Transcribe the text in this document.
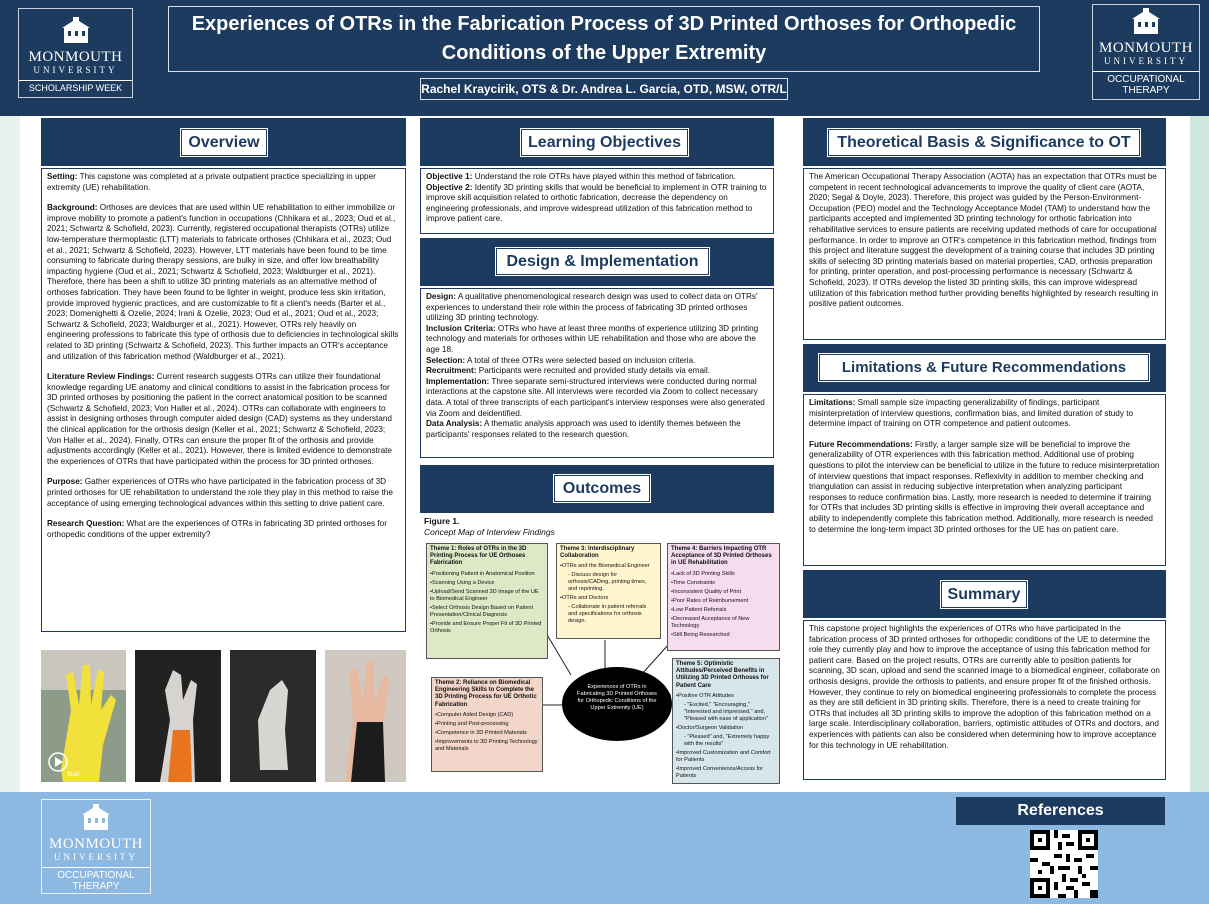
MONMOUTH
UNIVERSITY
SCHOLARSHIP WEEK
Experiences of OTRs in the Fabrication Process of 3D Printed Orthoses for Orthopedic
Conditions of the Upper Extremity
Rachel Kraycirik, OTS & Dr. Andrea L. Garcia, OTD, MSW, OTR/L
MONMOUTH
UNIVERSITY
OCCUPATIONAL
THERAPY
Overview

Setting: This capstone was completed at a private outpatient practice specializing in upper extremity (UE) rehabilitation.

Background: Orthoses are devices that are used within UE rehabilitation to either immobilize or improve mobility to promote a patient's function in occupations (Chhikara et al., 2023; Oud et al., 2021; Schwartz & Schofield, 2023). Currently, registered occupational therapists (OTRs) utilize low-temperature thermoplastic (LTT) materials to fabricate orthoses (Chhikara et al., 2023; Oud et al., 2021; Schwartz & Schofield, 2023). However, LTT materials have been found to be time consuming to fabricate during therapy sessions, are bulky in size, and offer low breathability impacting hygiene (Oud et al., 2021; Schwartz & Schofield, 2023; Waldburger et al., 2021). Therefore, there has been a shift to utilize 3D printing materials as an alternative method of orthoses fabrication. They have been found to be lighter in weight, produce less skin irritation, provide improved hygienic practices, and are customizable to fit a client's needs (Barter et al., 2023; Domenighetti & Ozelie, 2024; Irani & Ozelie, 2023; Oud et al., 2021; Oud et al., 2023; Schwartz & Schofield, 2023; Waldburger et al., 2021). However, OTRs rely heavily on engineering professions to fabricate this type of orthosis due to deficiencies in technological skills related to 3D printing (Schwartz & Schofield, 2023). This further impacts an OTR's acceptance and utilization of this fabrication method (Waldburger et al., 2021).

Literature Review Findings: Current research suggests OTRs can utilize their foundational knowledge regarding UE anatomy and clinical conditions to assist in the fabrication process for 3D printed orthoses by positioning the patient in the correct anatomical position to be scanned (Schwartz & Schofield, 2023; Von Haller et al., 2024). OTRs can collaborate with engineers to assist in designing orthoses through computer aided design (CAD) systems as they understand the clinical application for the orthosis design (Keller et al., 2021; Schwartz & Schofield, 2023; Von Haller et al., 2024). Finally, OTRs can ensure the proper fit of the orthosis and provide adjustments accordingly (Keller et al., 2021). However, there is limited evidence to demonstrate the experiences of OTRs that have participated within the process for 3D printed orthoses.

Purpose: Gather experiences of OTRs who have participated in the fabrication process of 3D printed orthoses for UE rehabilitation to understand the role they play in this method to raise the acceptance of using emerging technological advances within this setting to drive patient care.

Research Question: What are the experiences of OTRs in fabricating 3D printed orthoses for orthopedic conditions of the upper extremity?

Start
Learning Objectives

Objective 1: Understand the role OTRs have played within this method of fabrication.

Objective 2: Identify 3D printing skills that would be beneficial to implement in OTR training to improve skill acquisition related to orthotic fabrication, decrease the dependency on engineering professionals, and improve widespread utilization of this fabrication method to improve patient care.

Design & Implementation

Design: A qualitative phenomenological research design was used to collect data on OTRs' experiences to understand their role within the process of fabricating 3D printed orthoses utilizing 3D printing technology.

Inclusion Criteria: OTRs who have at least three months of experience utilizing 3D printing technology and materials for orthoses within UE rehabilitation and those who are above the age 18.

Selection: A total of three OTRs were selected based on inclusion criteria.

Recruitment: Participants were recruited and provided study details via email.

Implementation: Three separate semi-structured interviews were conducted during normal interactions at the capstone site. All interviews were recorded via Zoom to collect necessary data. A total of three transcripts of each participant's interview responses were also generated via Zoom and deidentified.

Data Analysis: A thematic analysis approach was used to identify themes between the participants' responses related to the research question.

Outcomes
Figure 1.
Concept Map of Interview Findings
Theme 1: Roles of OTRs in the 3D Printing Process for UE Orthoses Fabrication
• Positioning Patient in Anatomical Position
• Scanning Using a Device
• Upload/Send Scanned 3D Image of the UE to Biomedical Engineer
• Select Orthosis Design Based on Patient Presentation/Clinical Diagnosis
• Provide and Ensure Proper Fit of 3D Printed Orthosis
Theme 3: Interdisciplinary Collaboration
• OTRs and the Biomedical Engineer
- Discuss design for orthosis/CADing, printing times, and reprinting.
• OTRs and Doctors
- Collaborate in patient referrals and specifications for orthosis design.
Theme 4: Barriers Impacting OTR Acceptance of 3D Printed Orthoses in UE Rehabilitation
• Lack of 3D Printing Skills
• Time Constraints
• Inconsistent Quality of Print
• Poor Rates of Reimbursement
• Low Patient Referrals
• Decreased Acceptance of New Technology
• Still Being Researched
Theme 2: Reliance on Biomedical Engineering Skills to Complete the 3D Printing Process for UE Orthotic Fabrication
• Computer Aided Design (CAD)
• Printing and Post-processing
• Competence in 3D Printed Materials
• Improvements to 3D Printing Technology and Materials
Experiences of OTRs in Fabricating 3D Printed Orthoses for Orthopedic Conditions of the Upper Extremity (UE)
Theme 5: Optimistic Attitudes/Perceived Benefits in Utilizing 3D Printed Orthoses for Patient Care
• Positive OTR Attitudes
- "Excited," "Encouraging," "Interested and impressed," and, "Pleased with ease of application"
• Doctor/Surgeon Validation
- "Pleased" and, "Extremely happy with the results"
• Improved Customization and Comfort for Patients
• Improved Convenience/Access for Patients
Theoretical Basis & Significance to OT

The American Occupational Therapy Association (AOTA) has an expectation that OTRs must be competent in recent technological advancements to improve the quality of client care (AOTA, 2020; Segal & Doyle, 2023). Therefore, this project was guided by the Person-Environment-Occupation (PEO) model and the Technology Acceptance Model (TAM) to understand how the participants accepted and implemented 3D printing technology for orthotic fabrication into rehabilitative services to ensure patients are receiving updated methods of care for occupational performance. In order to improve an OTR's competence in this fabrication method, findings from this project and literature suggest the development of a training course that includes 3D printing skills of selecting 3D printing materials based on material properties, CAD, orthosis preparation for printing, printer operation, and post-processing performance is necessary (Schwartz & Schofield, 2023). If OTRs develop the listed 3D printing skills, this can improve widespread utilization of this fabrication method further providing benefits highlighted by research resulting in positive patient outcomes.

Limitations & Future Recommendations

Limitations: Small sample size impacting generalizability of findings, participant misinterpretation of interview questions, confirmation bias, and limited duration of study to determine impact of training on OTR competence and patient outcomes.

Future Recommendations: Firstly, a larger sample size will be beneficial to improve the generalizability of OTR experiences with this fabrication method. Additional use of probing questions to pilot the interview can be beneficial to utilize in the future to reduce misinterpretation of interview questions that impact responses. Reflexivity in addition to member checking and triangulation can assist in reducing subjective interpretation when analyzing participant responses to reduce confirmation bias. Lastly, more research is needed to determine if training for OTRs that includes 3D printing skills is effective in improving their overall acceptance and ability to independently complete this fabrication method. Additionally, more research is needed to determine the long-term impact 3D printed orthoses for the UE has on patient care.

Summary

This capstone project highlights the experiences of OTRs who have participated in the fabrication process of 3D printed orthoses for orthopedic conditions of the UE to determine the role they currently play and how to improve the acceptance of using this fabrication method for patient care. Based on the project results, OTRs are currently able to position patients for scanning, 3D scan, upload and send the scanned image to a biomedical engineer, collaborate on orthosis designs, provide the orthosis to patients, and ensure proper fit of the finished orthosis. However, they continue to rely on biomedical engineering professionals to complete the process as they are still deficient in 3D printing skills. Therefore, there is a need to create training for OTRs that includes all 3D printing skills to improve the adoption of this fabrication method on a large scale. Interdisciplinary collaboration, barriers, optimistic attitudes of OTRs and doctors, and experiences with patients can also be considered when determining how to improve acceptance for this technology in UE rehabilitation.

MONMOUTH
UNIVERSITY
OCCUPATIONAL
THERAPY
References
